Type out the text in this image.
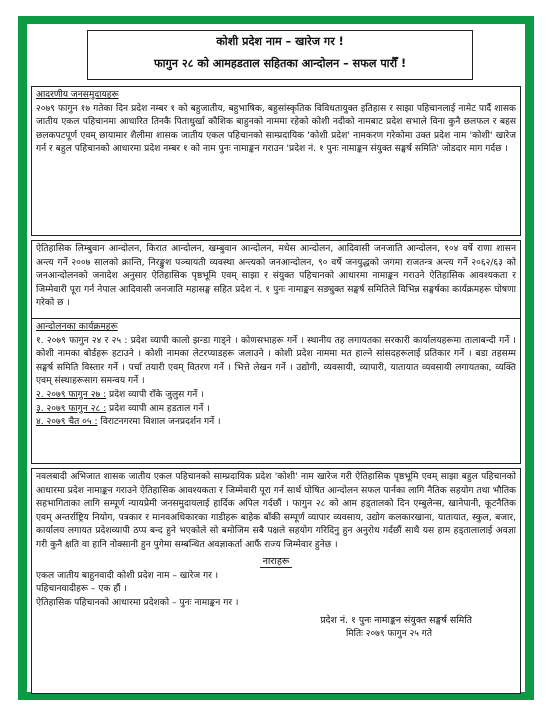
कोशी प्रदेश नाम – खारेज गर !
फागुन २८ को आमहडताल सहितका आन्दोलन – सफल पारौँ !

आदरणीय जनसमुदायहरू

२०७९ फागुन १७ गतेका दिन प्रदेश नम्बर १ को बहुजातीय, बहुभाषिक, बहुसांस्कृतिक विविधतायुक्त इतिहास र साझा पहिचानलाई नामेट पार्दै शासक जातीय एकल पहिचानमा आधारित तिनकै पिताधुर्खा कौशिक बाहुनको नाममा रहेको कोशी नदीको नामबाट प्रदेश सभाले विना कुनै छलफल र बहस छलकपटपूर्ण एवम् छायामार शैलीमा शासक जातीय एकल पहिचानको साम्प्रदायिक 'कोशी प्रदेश' नामकरण गरेकोमा उक्त प्रदेश नाम 'कोशी' खारेज गर्न र बहुल पहिचानको आधारमा प्रदेश नम्बर १ को नाम पुनः नामाङ्कन गराउन 'प्रदेश नं. १ पुनः नामाङ्कन संयुक्त सङ्घर्ष समिति' जोडदार माग गर्दछ ।

ऐतिहासिक लिम्बुवान आन्दोलन, किरात आन्दोलन, खम्बुवान आन्दोलन, मधेस आन्दोलन, आदिवासी जनजाति आन्दोलन, १०४ वर्षे राणा शासन अन्त्य गर्ने २००७ सालको क्रान्ति, निरङ्कुश पञ्चायती व्यवस्था अन्त्यको जनआन्दोलन, ९० वर्षे जनयुद्धको जगमा राजतन्त्र अन्त्य गर्ने २०६२/६३ को जनआन्दोलनको जनादेश अनुसार ऐतिहासिक पृष्ठभूमि एवम् साझा र संयुक्त पहिचानको आधारमा नामाङ्कन गराउने ऐतिहासिक आवश्यकता र जिम्मेवारी पूरा गर्न नेपाल आदिवासी जनजाति महासङ्घ सहित प्रदेश नं. १ पुनः नामाङ्कन सङ्युक्त सङ्घर्ष समितिले विभिन्न सङ्घर्षका कार्यक्रमहरू घोषणा गरेको छ ।

आन्दोलनका कार्यक्रमहरू

१. २०७९ फागुन २४ र २५ : प्रदेश व्यापी कालो झन्डा गाड्ने । कोणसभाहरू गर्ने । स्थानीय तह लगायतका सरकारी कार्यालयहरूमा तालाबन्दी गर्ने । कोशी नामका बोर्डहरू हटाउने । कोशी नामका लेटरप्याडहरू जलाउने । कोशी प्रदेश नाममा मत हाल्ने सांसदहरूलाई प्रतिकार गर्ने । बडा तहसम्म सङ्घर्ष समिति विस्तार गर्ने । पर्चा तयारी एवम् वितरण गर्ने । भित्ते लेखन गर्ने । उद्योगी, व्यवसायी, व्यापारी, यातायात व्यवसायी लगायतका, व्यक्ति एवम् संस्थाहरूसाग समन्वय गर्ने ।

२. २०७९ फागुन २७ : प्रदेश व्यापी राँके जुलुस गर्ने ।

३. २०७९ फागुन २८ : प्रदेश व्यापी आम हडताल गर्ने ।

४. २०७९ चैत ०५ : विराटनगरमा विशाल जनप्रदर्शन गर्ने ।

नवलबादी अभिजात शासक जातीय एकल पहिचानको साम्प्रदायिक प्रदेश 'कोशी' नाम खारेज गरी ऐतिहासिक पृष्ठभूमि एवम् साझा बहुल पहिचानको आधारमा प्रदेश नामाङ्कन गराउने ऐतिहासिक आवश्यकता र जिम्मेवारी पूरा गर्न सार्थ घोषित आन्दोलन सफल पार्नका लागि नैतिक सहयोग तथा भौतिक सहभागिताका लागि सम्पूर्ण न्यायप्रेमी जनसमुदायलाई हार्दिक अपिल गर्दछौं । फागुन २८ को आम हड्तालको दिन एम्बुलेन्स, खानेपानी, कूटनैतिक एवम् अन्तर्राष्ट्रिय नियोग, पत्रकार र मानवअधिकारका गाडीहरू बाहेक बाँकी सम्पूर्ण व्यापार व्यवसाय, उद्योग कलकारखाना, यातायात, स्कुल, बजार, कार्यालय लगायत प्रदेशव्यापी ठप्प बन्द हुने भएकोले सो बमोजिम सबै पक्षले सहयोग गरिदिनु हुन अनुरोध गर्दछौं साथै यस हाम हड्तालालाई अवज्ञा गरी कुनै क्षति वा हानि नोक्सानी हुन पुगेमा सम्बन्धित अवज्ञाकर्ता आफैं राज्य जिम्मेवार हुनेछ ।

नाराहरू

एकल जातीय बाहुनवादी कोशी प्रदेश नाम – खारेज गर ।

पहिचानवादीहरू – एक हौं ।

ऐतिहासिक पहिचानको आधारमा प्रदेशको – पुनः नामाङ्कन गर ।

प्रदेश नं. १ पुनः नामाङ्कन संयुक्त सङ्घर्ष समिति

मितिः २०७९ फागुन २५ गते
